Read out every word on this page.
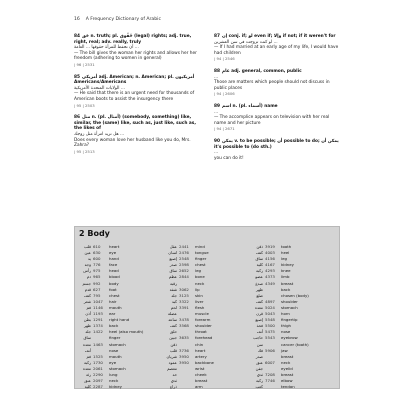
16 A Frequency Dictionary of Arabic
84 حَق n. truth; pl. حُقُوق (legal) rights; adj. true, right, real; adv. really, truly
أن تحفظ للمرأة حقوقها ... العامة ...
— The bill gives the woman her rights and allows her her freedom (adhering to women in general)
| 96 | 2531
85 أمريكي adj. American; n. American; pl. أمريكيون Americans/Americans
الولايات المتحدة الأمريكية ...
— He said that there is an urgent need for thousands of American boots to assist the insurgency there
| 95 | 2503
86 مثل n. (pl. أمثال) (somebody, something) like, similar, the (same) like, such as, just like, such as, the likes of
هل تريد امرأة مثل زوجك ...
Does every woman love her husband like you do, Mrs. Zahra?
| 95 | 2513
87 إن conj. if; لو even if; وإلا if not; if it weren't for
لو كنت تزوجت في سن العشرين ...
— If I had married at an early age of my life, I would have had children
| 94 | 2546
88 عام adj. general, common, public
...
Those are matters which people should not discuss in public places
| 94 | 2606
89 اسم n. (pl. أسماء) name
...
— The accomplice appears on television with her real name and her picture
| 94 | 2671
90 يمكن v. to be possible; أن possible to do; يمكن أن it's possible to (do sth.)
...
you can do it!
2 Body
قلب 610	heart
عين 630	eye
يد 600	hand
وجه 776	face
رأس 975	head
دم 965	blood
جسم 992	body
قدم 627	foot
كتف 795	chest
شعر 1047	hair
فم 1146	mouth
أذن 1193	ear
بطن 1291	right hand
ظهر 1374	back
جلد 1422	heel (also mouth)
ساق	finger
معدة 1463	stomach
أنف	nose
فم 1525	mouth
ركبة 1730	eye
معدة 2061	stomach
رئة 2290	lung
عنق 2097	neck
كلية 2287	kidney
عقل 2441	mind
لسان 2476	tongue
إصبع 2548	finger
صدر 2598	chest
ساق 2652	leg
عظم 2844	bone
رقبة	neck
شفة 3062	lip
جلد 3125	skin
كبد 3322	liver
لحم 3391	flesh
عضلة	muscle
ساعد 3478	forearm
كتف 3568	shoulder
حلق	throat
جبين 3635	forehead
ذقن	chin
قلب 3736	heart
شريان 3950	artery
عمود 3950	backbone
معصم	wrist
خد	cheek
ثدي	breast
ذراع	arm
ذقن 3919	tooth
كتف 4003	heel
ساق 4156	leg
كلية 4167	kidney
ركبة 4293	knee
عضو 4373	limb
صدغ 4349	breast
ظهر	back
ضلع	chosen (body)
كتف 4897	shoulder
معدة 5024	stomach
قرن 5043	horn
إصبع 5548	fingertip
فخذ 5500	thigh
أنف 5475	nose
حاجب 5543	eyebrow
سن	cancer (tooth)
فك 5906	jaw
صدر	breast
عنق 6007	neck
جفن	eyelid
ثدي 7208	breast
ركبة 7746	elbow
كعب	tendon
